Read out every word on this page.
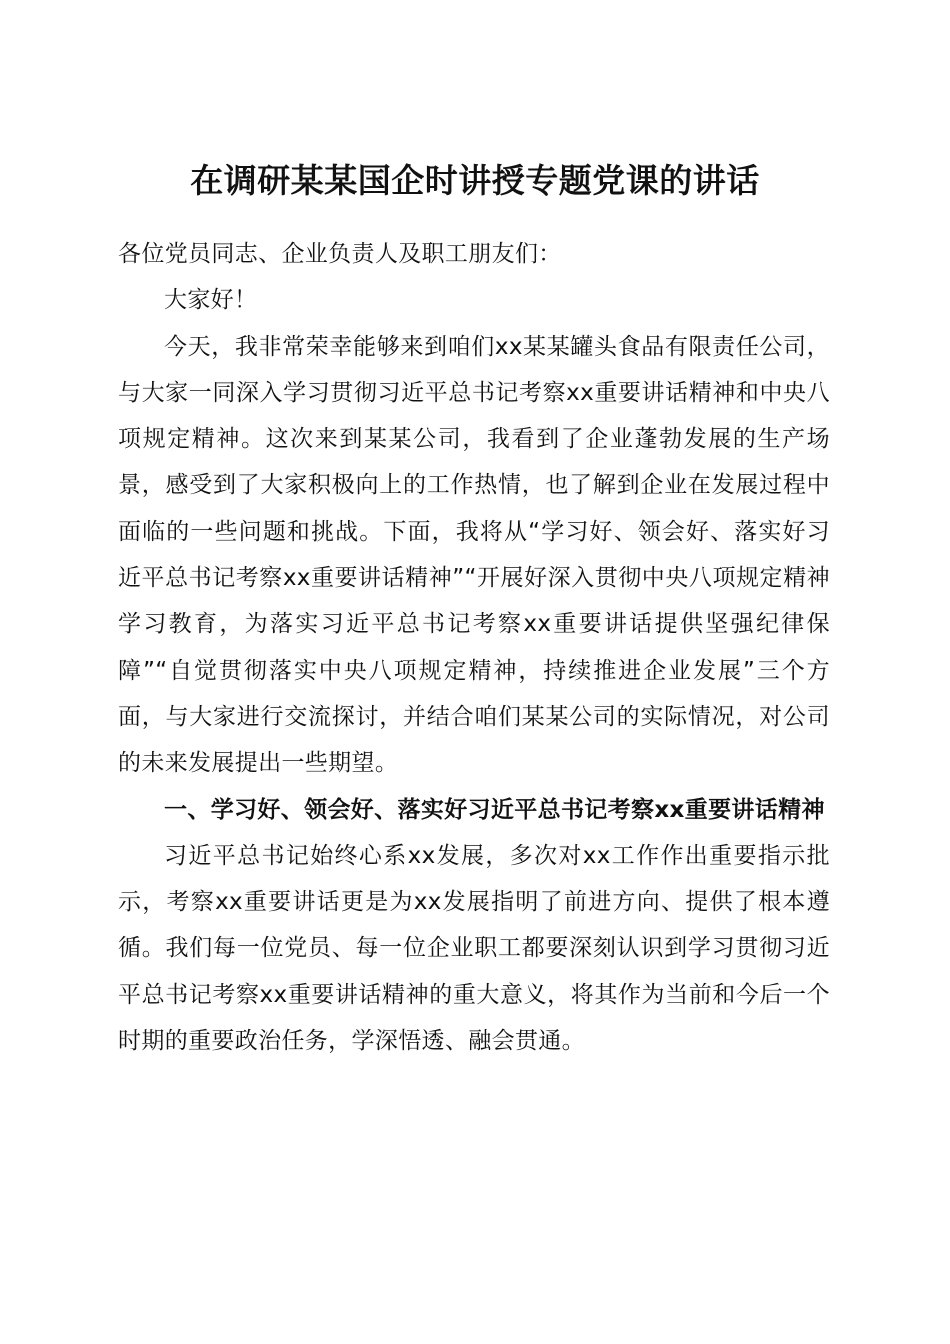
在调研某某国企时讲授专题党课的讲话

各位党员同志、企业负责人及职工朋友们：

大家好！

今天，我非常荣幸能够来到咱们xx某某罐头食品有限责任公司，与大家一同深入学习贯彻习近平总书记考察xx重要讲话精神和中央八项规定精神。这次来到某某公司，我看到了企业蓬勃发展的生产场景，感受到了大家积极向上的工作热情，也了解到企业在发展过程中面临的一些问题和挑战。下面，我将从“学习好、领会好、落实好习近平总书记考察xx重要讲话精神”“开展好深入贯彻中央八项规定精神学习教育，为落实习近平总书记考察xx重要讲话提供坚强纪律保障”“自觉贯彻落实中央八项规定精神，持续推进企业发展”三个方面，与大家进行交流探讨，并结合咱们某某公司的实际情况，对公司的未来发展提出一些期望。

一、学习好、领会好、落实好习近平总书记考察xx重要讲话精神

习近平总书记始终心系xx发展，多次对xx工作作出重要指示批示，考察xx重要讲话更是为xx发展指明了前进方向、提供了根本遵循。我们每一位党员、每一位企业职工都要深刻认识到学习贯彻习近平总书记考察xx重要讲话精神的重大意义，将其作为当前和今后一个时期的重要政治任务，学深悟透、融会贯通。
